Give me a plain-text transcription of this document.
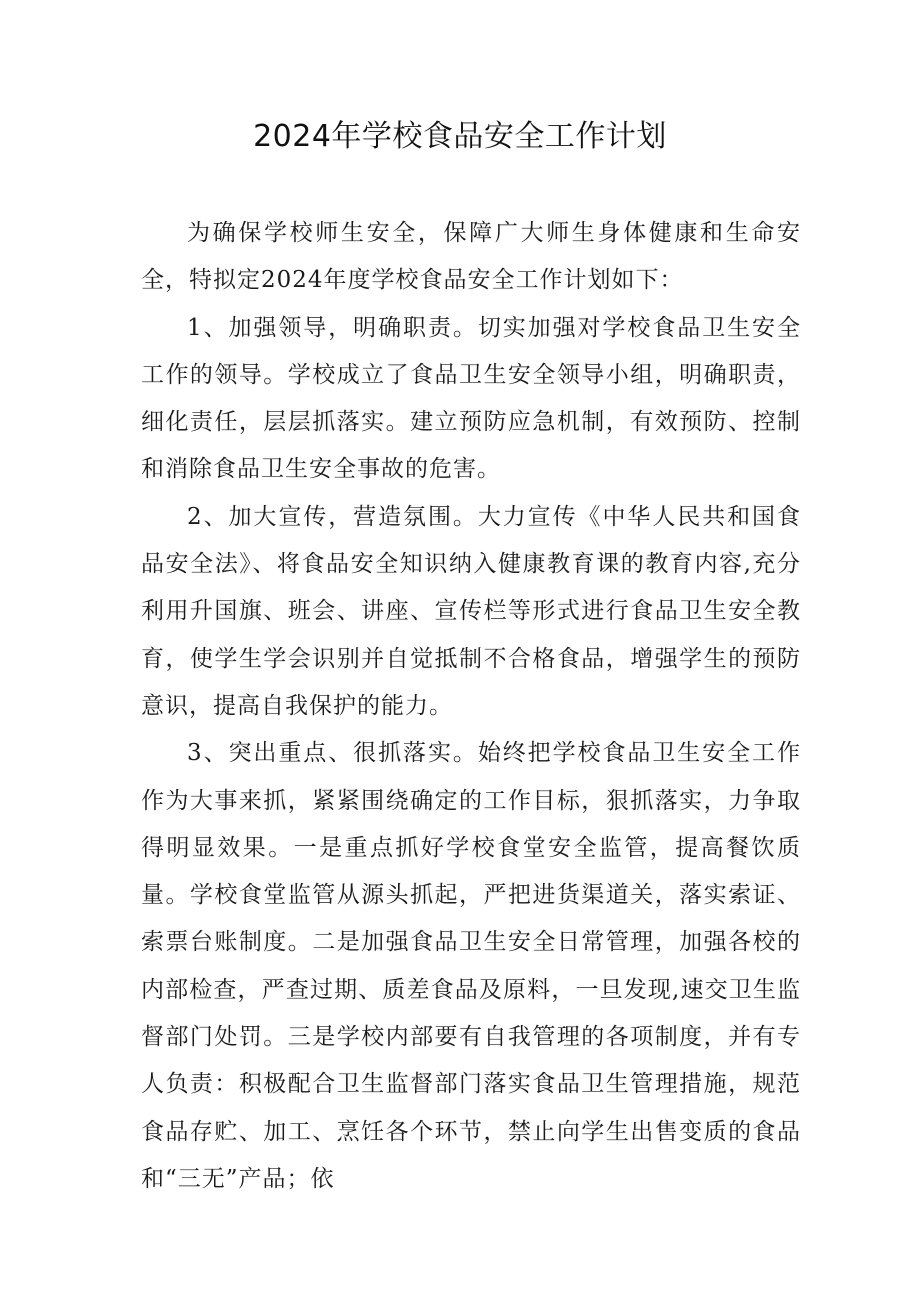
2024年学校食品安全工作计划

为确保学校师生安全，保障广大师生身体健康和生命安全，特拟定2024年度学校食品安全工作计划如下：

1、加强领导，明确职责。切实加强对学校食品卫生安全工作的领导。学校成立了食品卫生安全领导小组，明确职责，细化责任，层层抓落实。建立预防应急机制，有效预防、控制和消除食品卫生安全事故的危害。

2、加大宣传，营造氛围。大力宣传《中华人民共和国食品安全法》、将食品安全知识纳入健康教育课的教育内容,充分利用升国旗、班会、讲座、宣传栏等形式进行食品卫生安全教育，使学生学会识别并自觉抵制不合格食品，增强学生的预防意识，提高自我保护的能力。

3、突出重点、很抓落实。始终把学校食品卫生安全工作作为大事来抓，紧紧围绕确定的工作目标，狠抓落实，力争取得明显效果。一是重点抓好学校食堂安全监管，提高餐饮质量。学校食堂监管从源头抓起，严把进货渠道关，落实索证、索票台账制度。二是加强食品卫生安全日常管理，加强各校的内部检查，严查过期、质差食品及原料，一旦发现,速交卫生监督部门处罚。三是学校内部要有自我管理的各项制度，并有专人负责：积极配合卫生监督部门落实食品卫生管理措施，规范食品存贮、加工、烹饪各个环节，禁止向学生出售变质的食品和“三无”产品；依
